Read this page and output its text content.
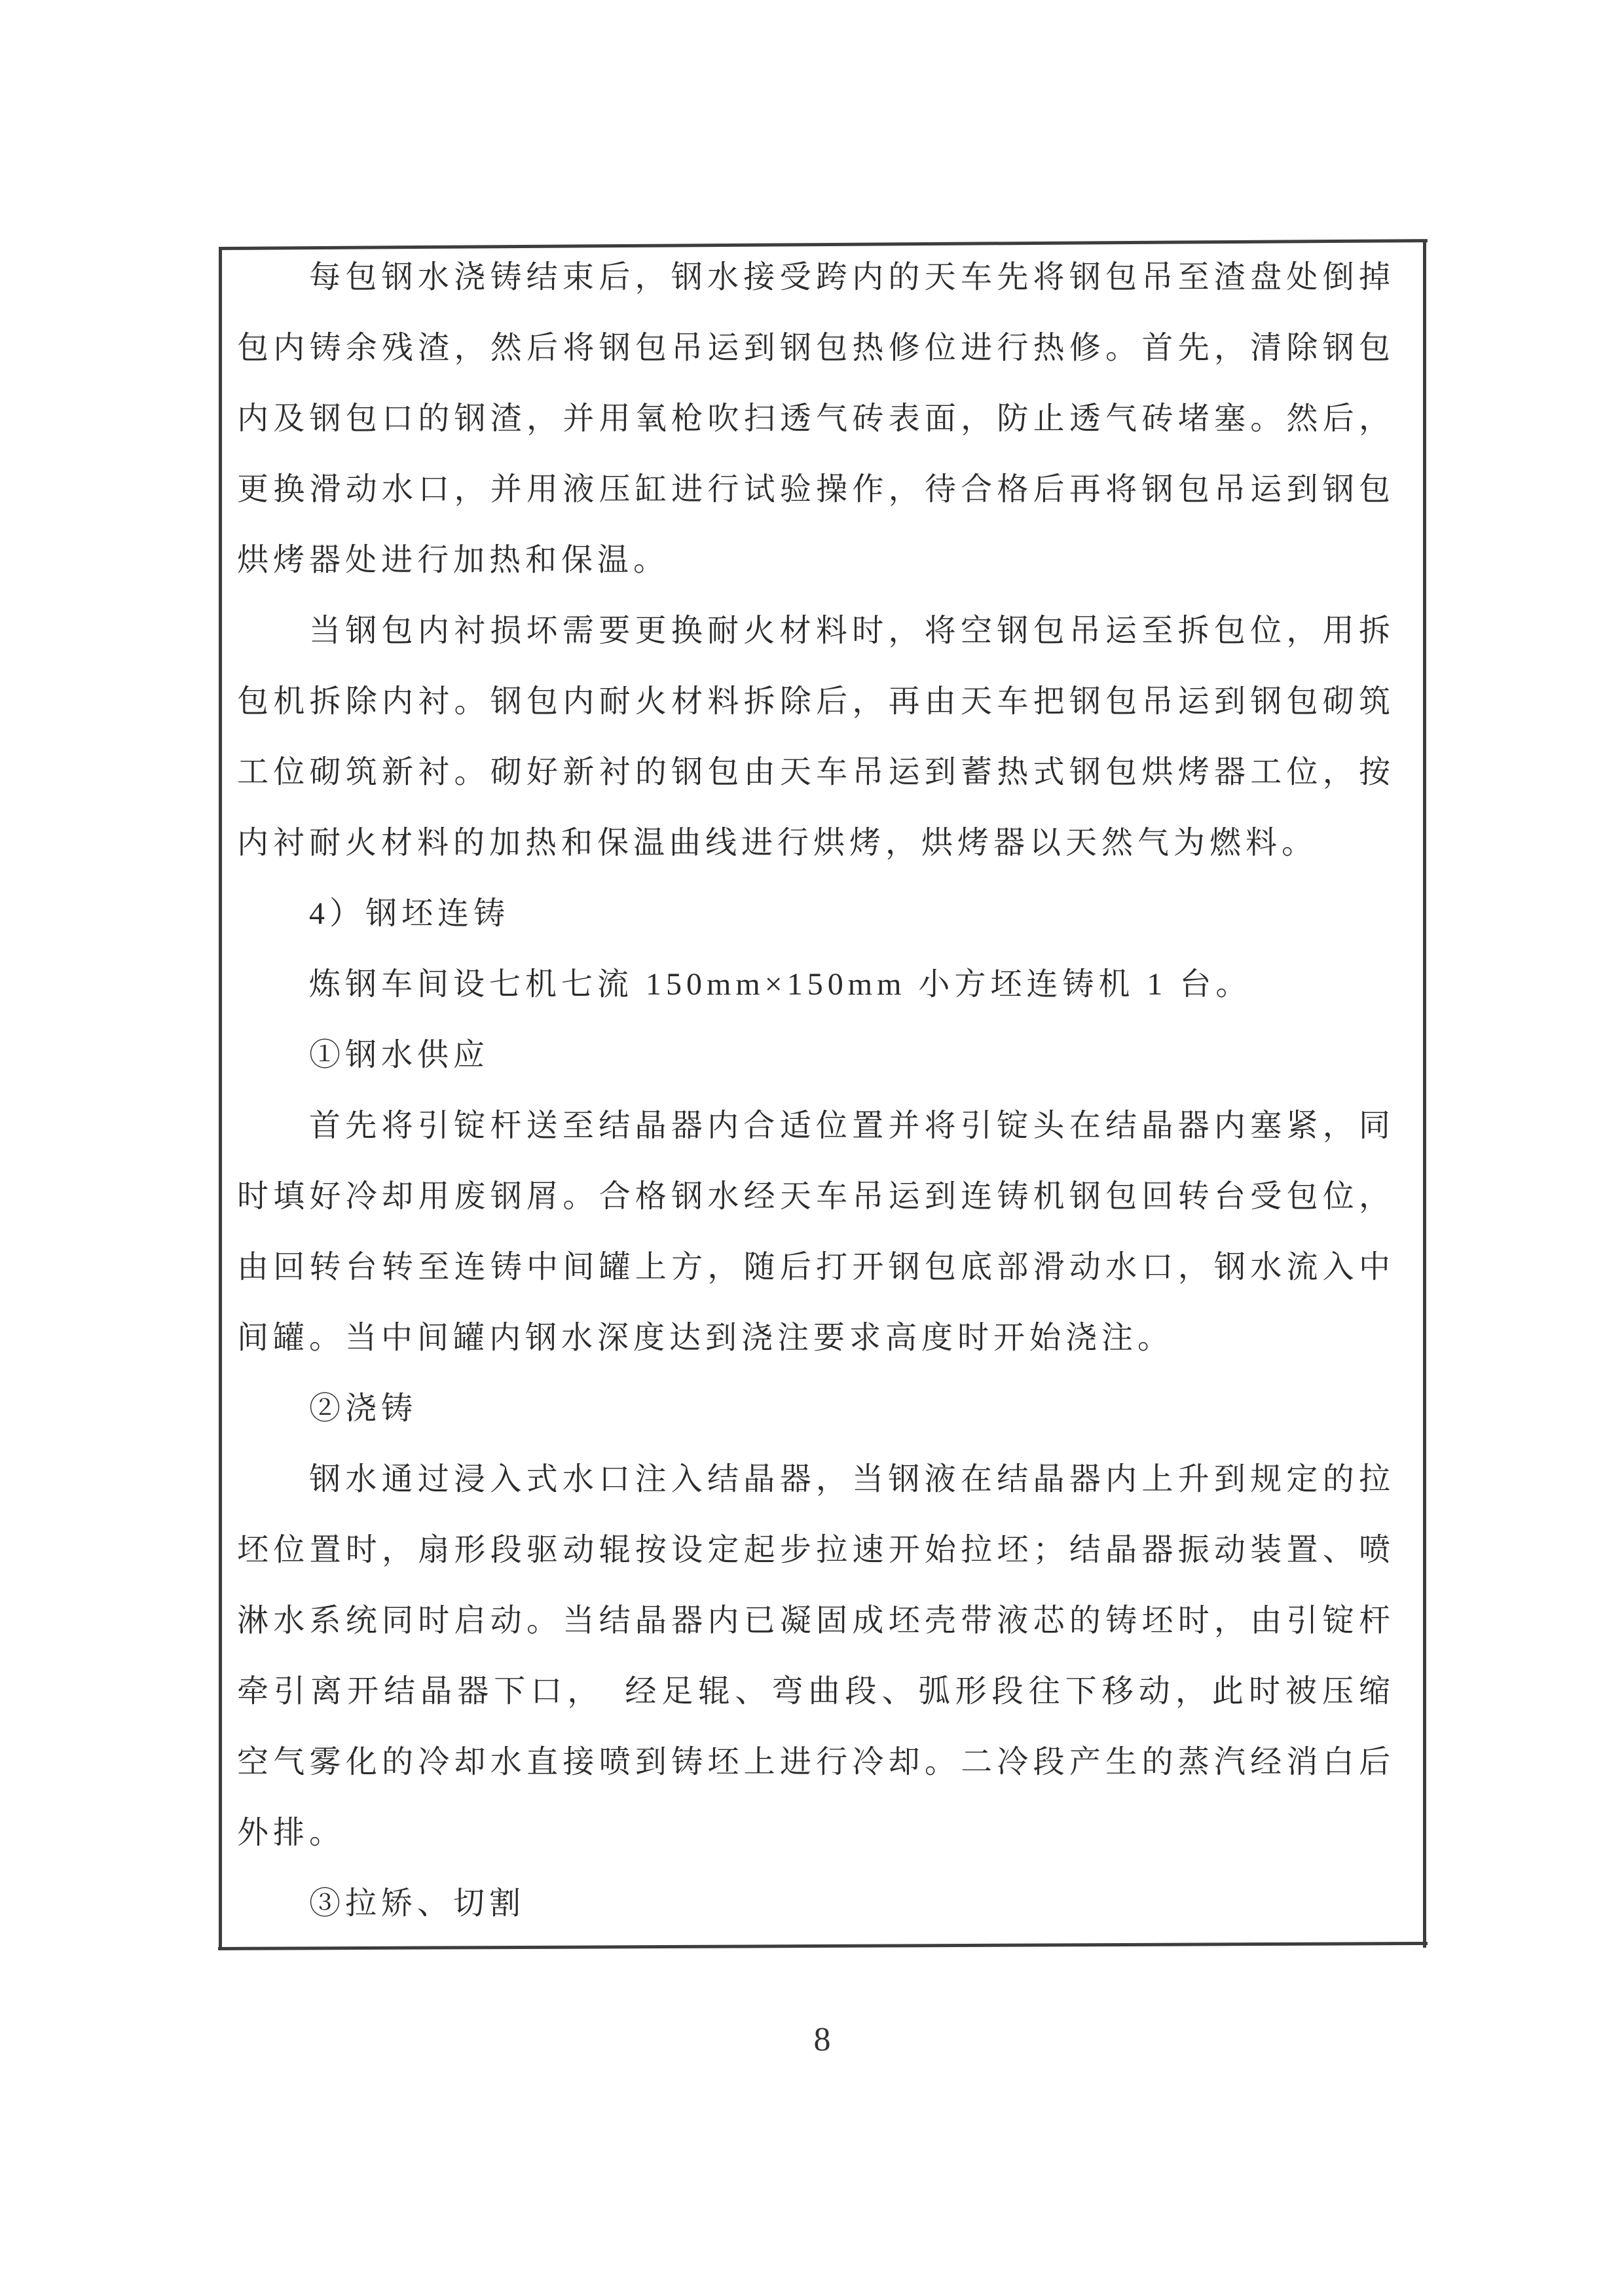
每包钢水浇铸结束后，钢水接受跨内的天车先将钢包吊至渣盘处倒掉包内铸余残渣，然后将钢包吊运到钢包热修位进行热修。首先，清除钢包内及钢包口的钢渣，并用氧枪吹扫透气砖表面，防止透气砖堵塞。然后，更换滑动水口，并用液压缸进行试验操作，待合格后再将钢包吊运到钢包烘烤器处进行加热和保温。

当钢包内衬损坏需要更换耐火材料时，将空钢包吊运至拆包位，用拆包机拆除内衬。钢包内耐火材料拆除后，再由天车把钢包吊运到钢包砌筑工位砌筑新衬。砌好新衬的钢包由天车吊运到蓄热式钢包烘烤器工位，按内衬耐火材料的加热和保温曲线进行烘烤，烘烤器以天然气为燃料。

4）钢坯连铸

炼钢车间设七机七流 150mm×150mm 小方坯连铸机 1 台。

①钢水供应

首先将引锭杆送至结晶器内合适位置并将引锭头在结晶器内塞紧，同时填好冷却用废钢屑。合格钢水经天车吊运到连铸机钢包回转台受包位，由回转台转至连铸中间罐上方，随后打开钢包底部滑动水口，钢水流入中间罐。当中间罐内钢水深度达到浇注要求高度时开始浇注。

②浇铸

钢水通过浸入式水口注入结晶器，当钢液在结晶器内上升到规定的拉坯位置时，扇形段驱动辊按设定起步拉速开始拉坯；结晶器振动装置、喷淋水系统同时启动。当结晶器内已凝固成坯壳带液芯的铸坯时，由引锭杆牵引离开结晶器下口，　经足辊、弯曲段、弧形段往下移动，此时被压缩空气雾化的冷却水直接喷到铸坯上进行冷却。二冷段产生的蒸汽经消白后外排。

③拉矫、切割

8
